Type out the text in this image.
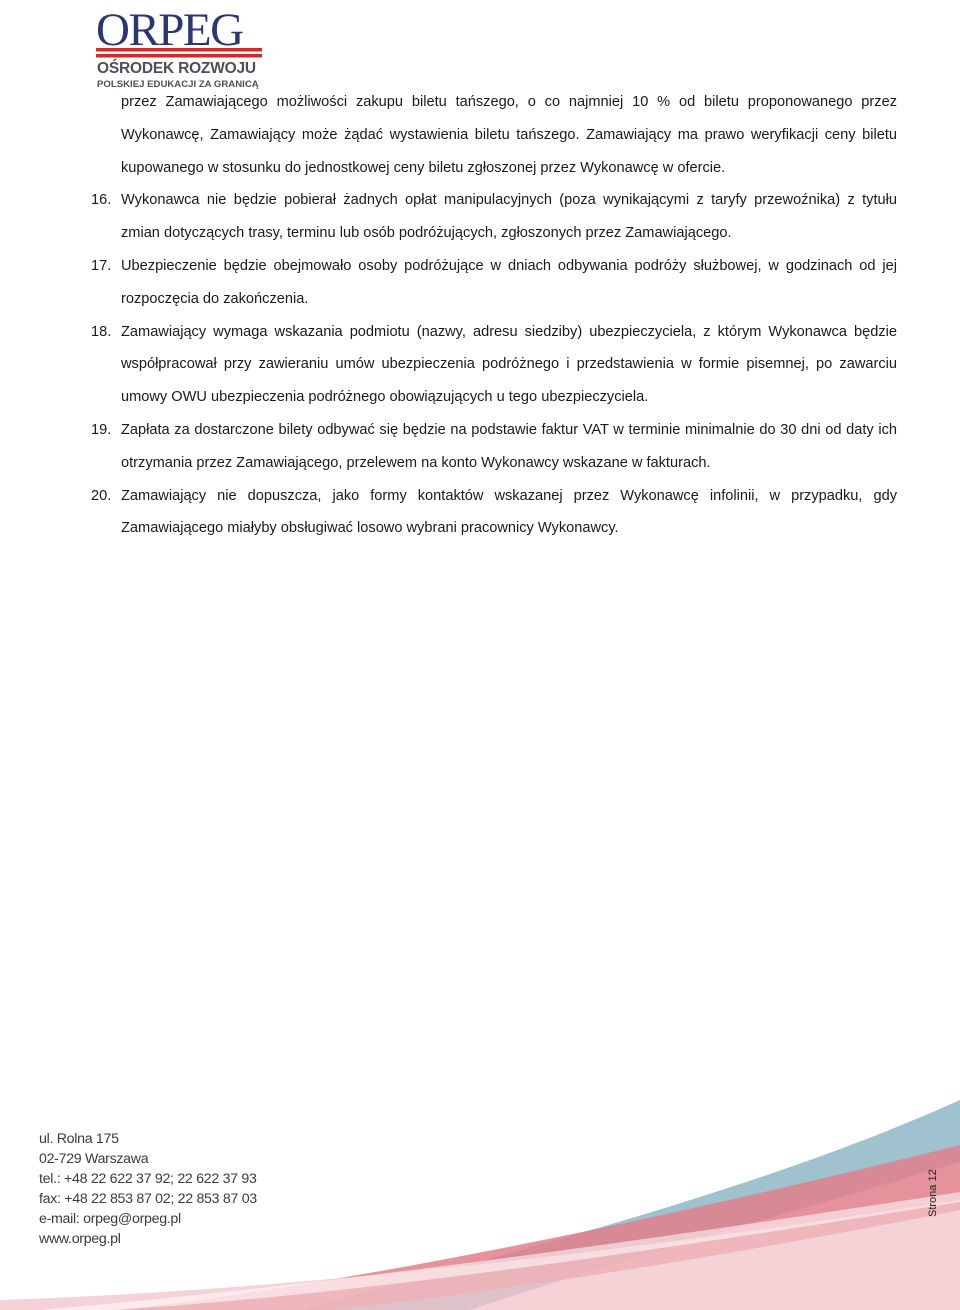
ORPEG
OŚRODEK ROZWOJU
POLSKIEJ EDUKACJI ZA GRANICĄ

przez Zamawiającego możliwości zakupu biletu tańszego, o co najmniej 10 % od biletu proponowanego przez Wykonawcę, Zamawiający może żądać wystawienia biletu tańszego. Zamawiający ma prawo weryfikacji ceny biletu kupowanego w stosunku do jednostkowej ceny biletu zgłoszonej przez Wykonawcę w ofercie.

16. Wykonawca nie będzie pobierał żadnych opłat manipulacyjnych (poza wynikającymi z taryfy przewoźnika) z tytułu zmian dotyczących trasy, terminu lub osób podróżujących, zgłoszonych przez Zamawiającego.
17. Ubezpieczenie będzie obejmowało osoby podróżujące w dniach odbywania podróży służbowej, w godzinach od jej rozpoczęcia do zakończenia.
18. Zamawiający wymaga wskazania podmiotu (nazwy, adresu siedziby) ubezpieczyciela, z którym Wykonawca będzie współpracował przy zawieraniu umów ubezpieczenia podróżnego i przedstawienia w formie pisemnej, po zawarciu umowy OWU ubezpieczenia podróżnego obowiązujących u tego ubezpieczyciela.
19. Zapłata za dostarczone bilety odbywać się będzie na podstawie faktur VAT w terminie minimalnie do 30 dni od daty ich otrzymania przez Zamawiającego, przelewem na konto Wykonawcy wskazane w fakturach.
20. Zamawiający nie dopuszcza, jako formy kontaktów wskazanej przez Wykonawcę infolinii, w przypadku, gdy Zamawiającego miałyby obsługiwać losowo wybrani pracownicy Wykonawcy.
ul. Rolna 175
02-729 Warszawa
tel.: +48 22 622 37 92; 22 622 37 93
fax: +48 22 853 87 02; 22 853 87 03
e-mail: orpeg@orpeg.pl
www.orpeg.pl
Strona 12
